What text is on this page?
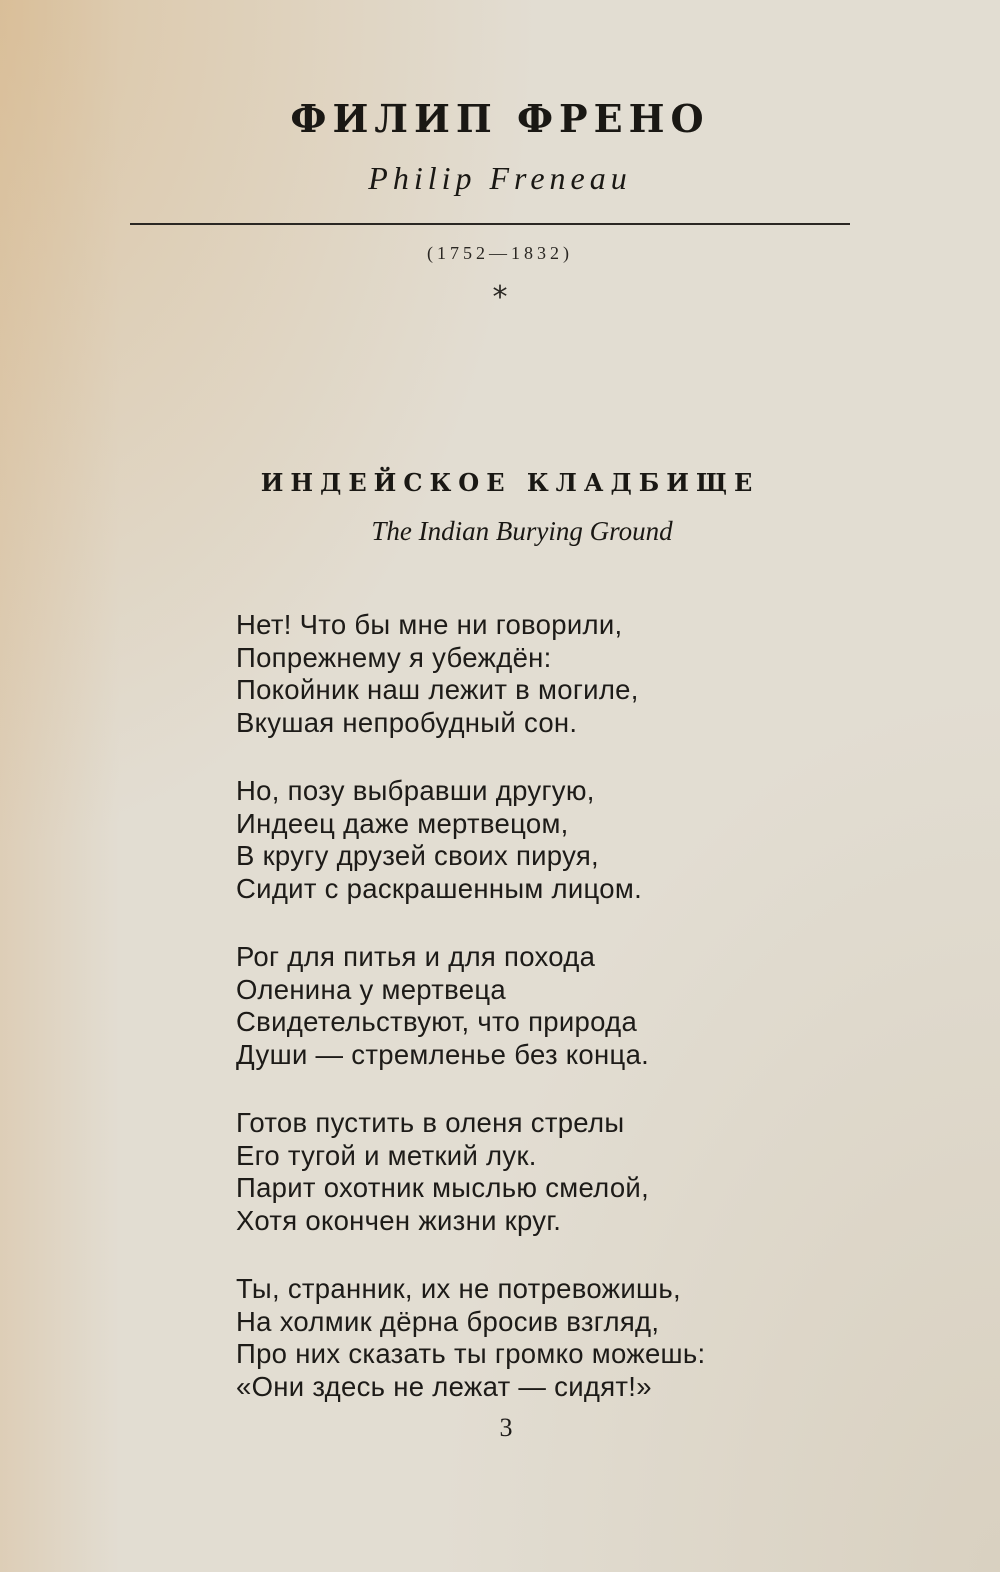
ФИЛИП ФРЕНО
Philip Freneau
(1752—1832)
*
ИНДЕЙСКОЕ КЛАДБИЩЕ
The Indian Burying Ground
Нет! Что бы мне ни говорили,
Попрежнему я убеждён:
Покойник наш лежит в могиле,
Вкушая непробудный сон.
Но, позу выбравши другую,
Индеец даже мертвецом,
В кругу друзей своих пируя,
Сидит с раскрашенным лицом.
Рог для питья и для похода
Оленина у мертвеца
Свидетельствуют, что природа
Души — стремленье без конца.
Готов пустить в оленя стрелы
Его тугой и меткий лук.
Парит охотник мыслью смелой,
Хотя окончен жизни круг.
Ты, странник, их не потревожишь,
На холмик дёрна бросив взгляд,
Про них сказать ты громко можешь:
«Они здесь не лежат — сидят!»
3
